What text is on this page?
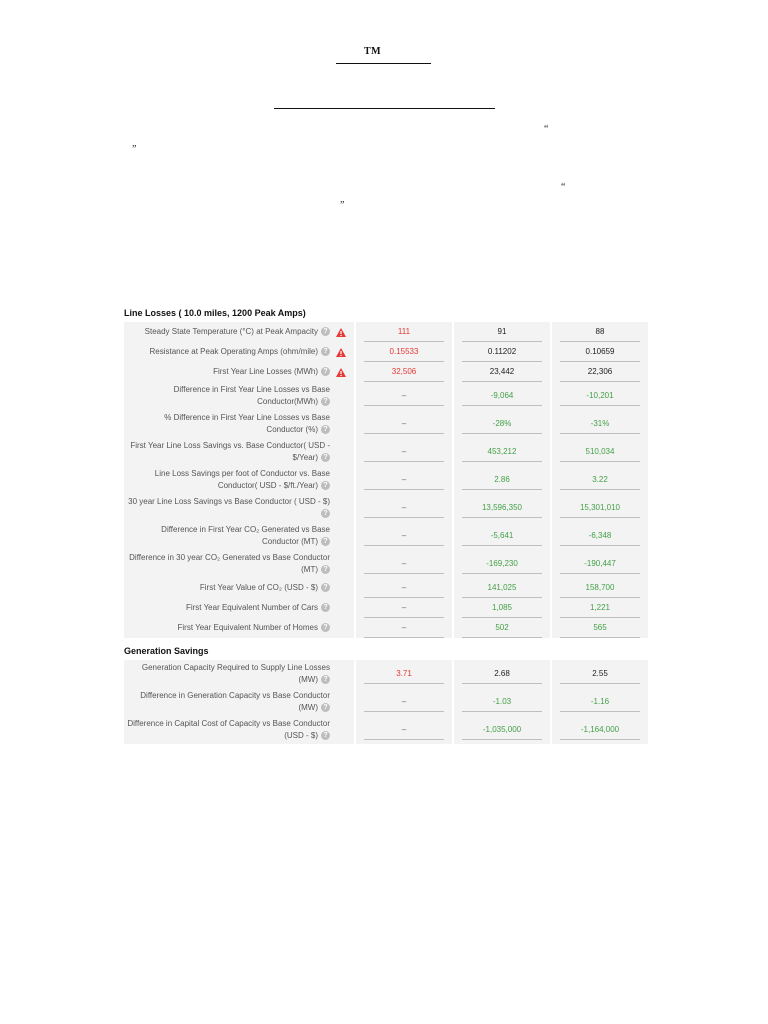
TM
“
”
“
”
Line Losses ( 10.0 miles, 1200 Peak Amps)
Steady State Temperature (°C) at Peak Ampacity ?			111		91		88

Resistance at Peak Operating Amps (ohm/mile) ?			0.15533		0.11202		0.10659

First Year Line Losses (MWh) ?			32,506		23,442		22,306

Difference in First Year Line Losses vs Base Conductor(MWh) ?			–		-9,064		-10,201

% Difference in First Year Line Losses vs Base Conductor (%) ?			–		-28%		-31%

First Year Line Loss Savings vs. Base Conductor( USD - $/Year) ?			–		453,212		510,034

Line Loss Savings per foot of Conductor vs. Base Conductor( USD - $/ft./Year) ?			–		2.86		3.22

30 year Line Loss Savings vs Base Conductor ( USD - $)?			–		13,596,350		15,301,010

Difference in First Year CO₂ Generated vs Base Conductor (MT) ?			–		-5,641		-6,348

Difference in 30 year CO₂ Generated vs Base Conductor (MT) ?			–		-169,230		-190,447

First Year Value of CO₂ (USD - $) ?			–		141,025		158,700

First Year Equivalent Number of Cars ?			–		1,085		1,221

First Year Equivalent Number of Homes ?			–		502		565
Generation Savings
Generation Capacity Required to Supply Line Losses (MW) ?			3.71		2.68		2.55

Difference in Generation Capacity vs Base Conductor (MW) ?			–		-1.03		-1.16

Difference in Capital Cost of Capacity vs Base Conductor (USD - $) ?			–		-1,035,000		-1,164,000
